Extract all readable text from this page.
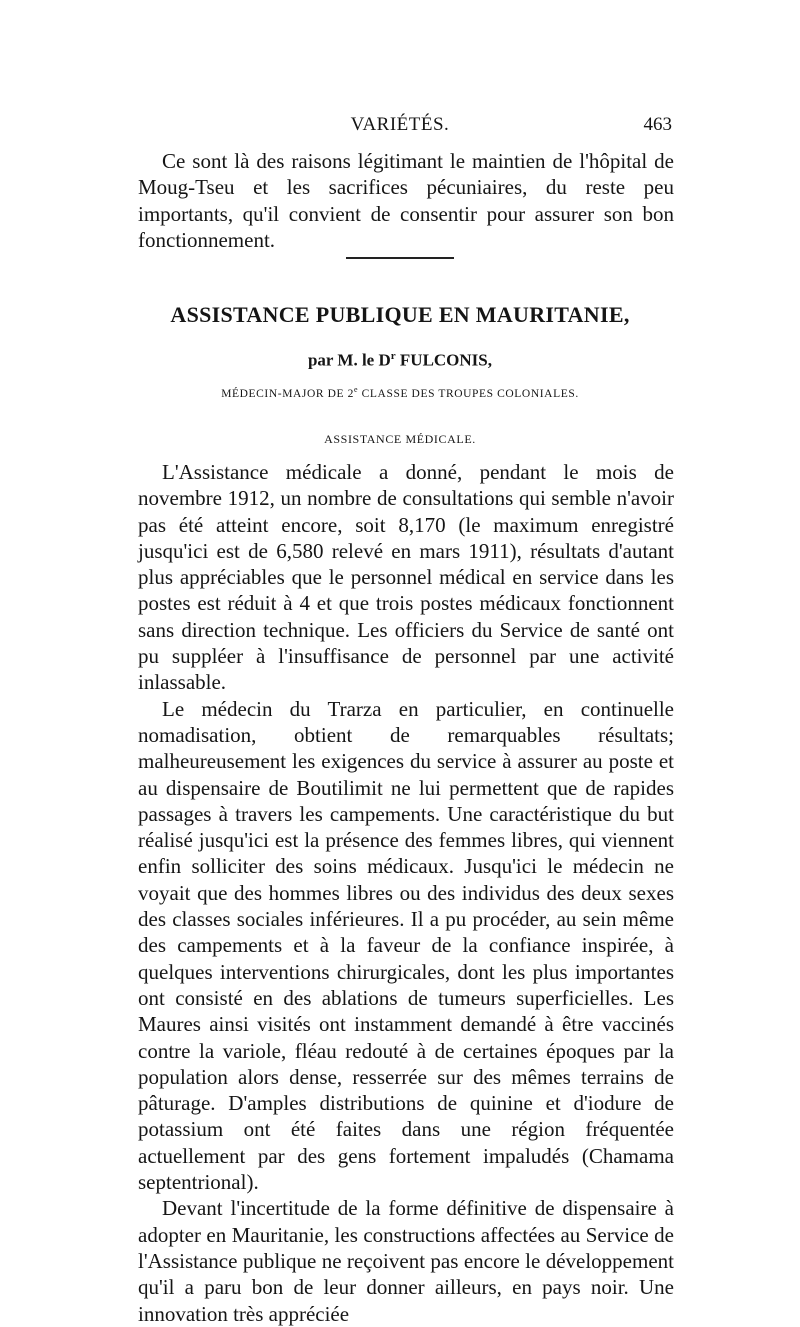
VARIÉTÉS.	463

Ce sont là des raisons légitimant le maintien de l'hôpital de Moug-Tseu et les sacrifices pécuniaires, du reste peu importants, qu'il convient de consentir pour assurer son bon fonctionnement.

ASSISTANCE PUBLIQUE EN MAURITANIE,
par M. le $D^r$ FULCONIS,
MÉDECIN-MAJOR DE 2e CLASSE DES TROUPES COLONIALES.
ASSISTANCE MÉDICALE.

L'Assistance médicale a donné, pendant le mois de novembre 1912, un nombre de consultations qui semble n'avoir pas été atteint encore, soit 8,170 (le maximum enregistré jusqu'ici est de 6,580 relevé en mars 1911), résultats d'autant plus appréciables que le personnel médical en service dans les postes est réduit à 4 et que trois postes médicaux fonctionnent sans direction technique. Les officiers du Service de santé ont pu suppléer à l'insuffisance de personnel par une activité inlassable.

Le médecin du Trarza en particulier, en continuelle nomadisation, obtient de remarquables résultats; malheureusement les exigences du service à assurer au poste et au dispensaire de Boutilimit ne lui permettent que de rapides passages à travers les campements. Une caractéristique du but réalisé jusqu'ici est la présence des femmes libres, qui viennent enfin solliciter des soins médicaux. Jusqu'ici le médecin ne voyait que des hommes libres ou des individus des deux sexes des classes sociales inférieures. Il a pu procéder, au sein même des campements et à la faveur de la confiance inspirée, à quelques interventions chirurgicales, dont les plus importantes ont consisté en des ablations de tumeurs superficielles. Les Maures ainsi visités ont instamment demandé à être vaccinés contre la variole, fléau redouté à de certaines époques par la population alors dense, resserrée sur des mêmes terrains de pâturage. D'amples distributions de quinine et d'iodure de potassium ont été faites dans une région fréquentée actuellement par des gens fortement impaludés (Chamama septentrional).

Devant l'incertitude de la forme définitive de dispensaire à adopter en Mauritanie, les constructions affectées au Service de l'Assistance publique ne reçoivent pas encore le développement qu'il a paru bon de leur donner ailleurs, en pays noir. Une innovation très appréciée
